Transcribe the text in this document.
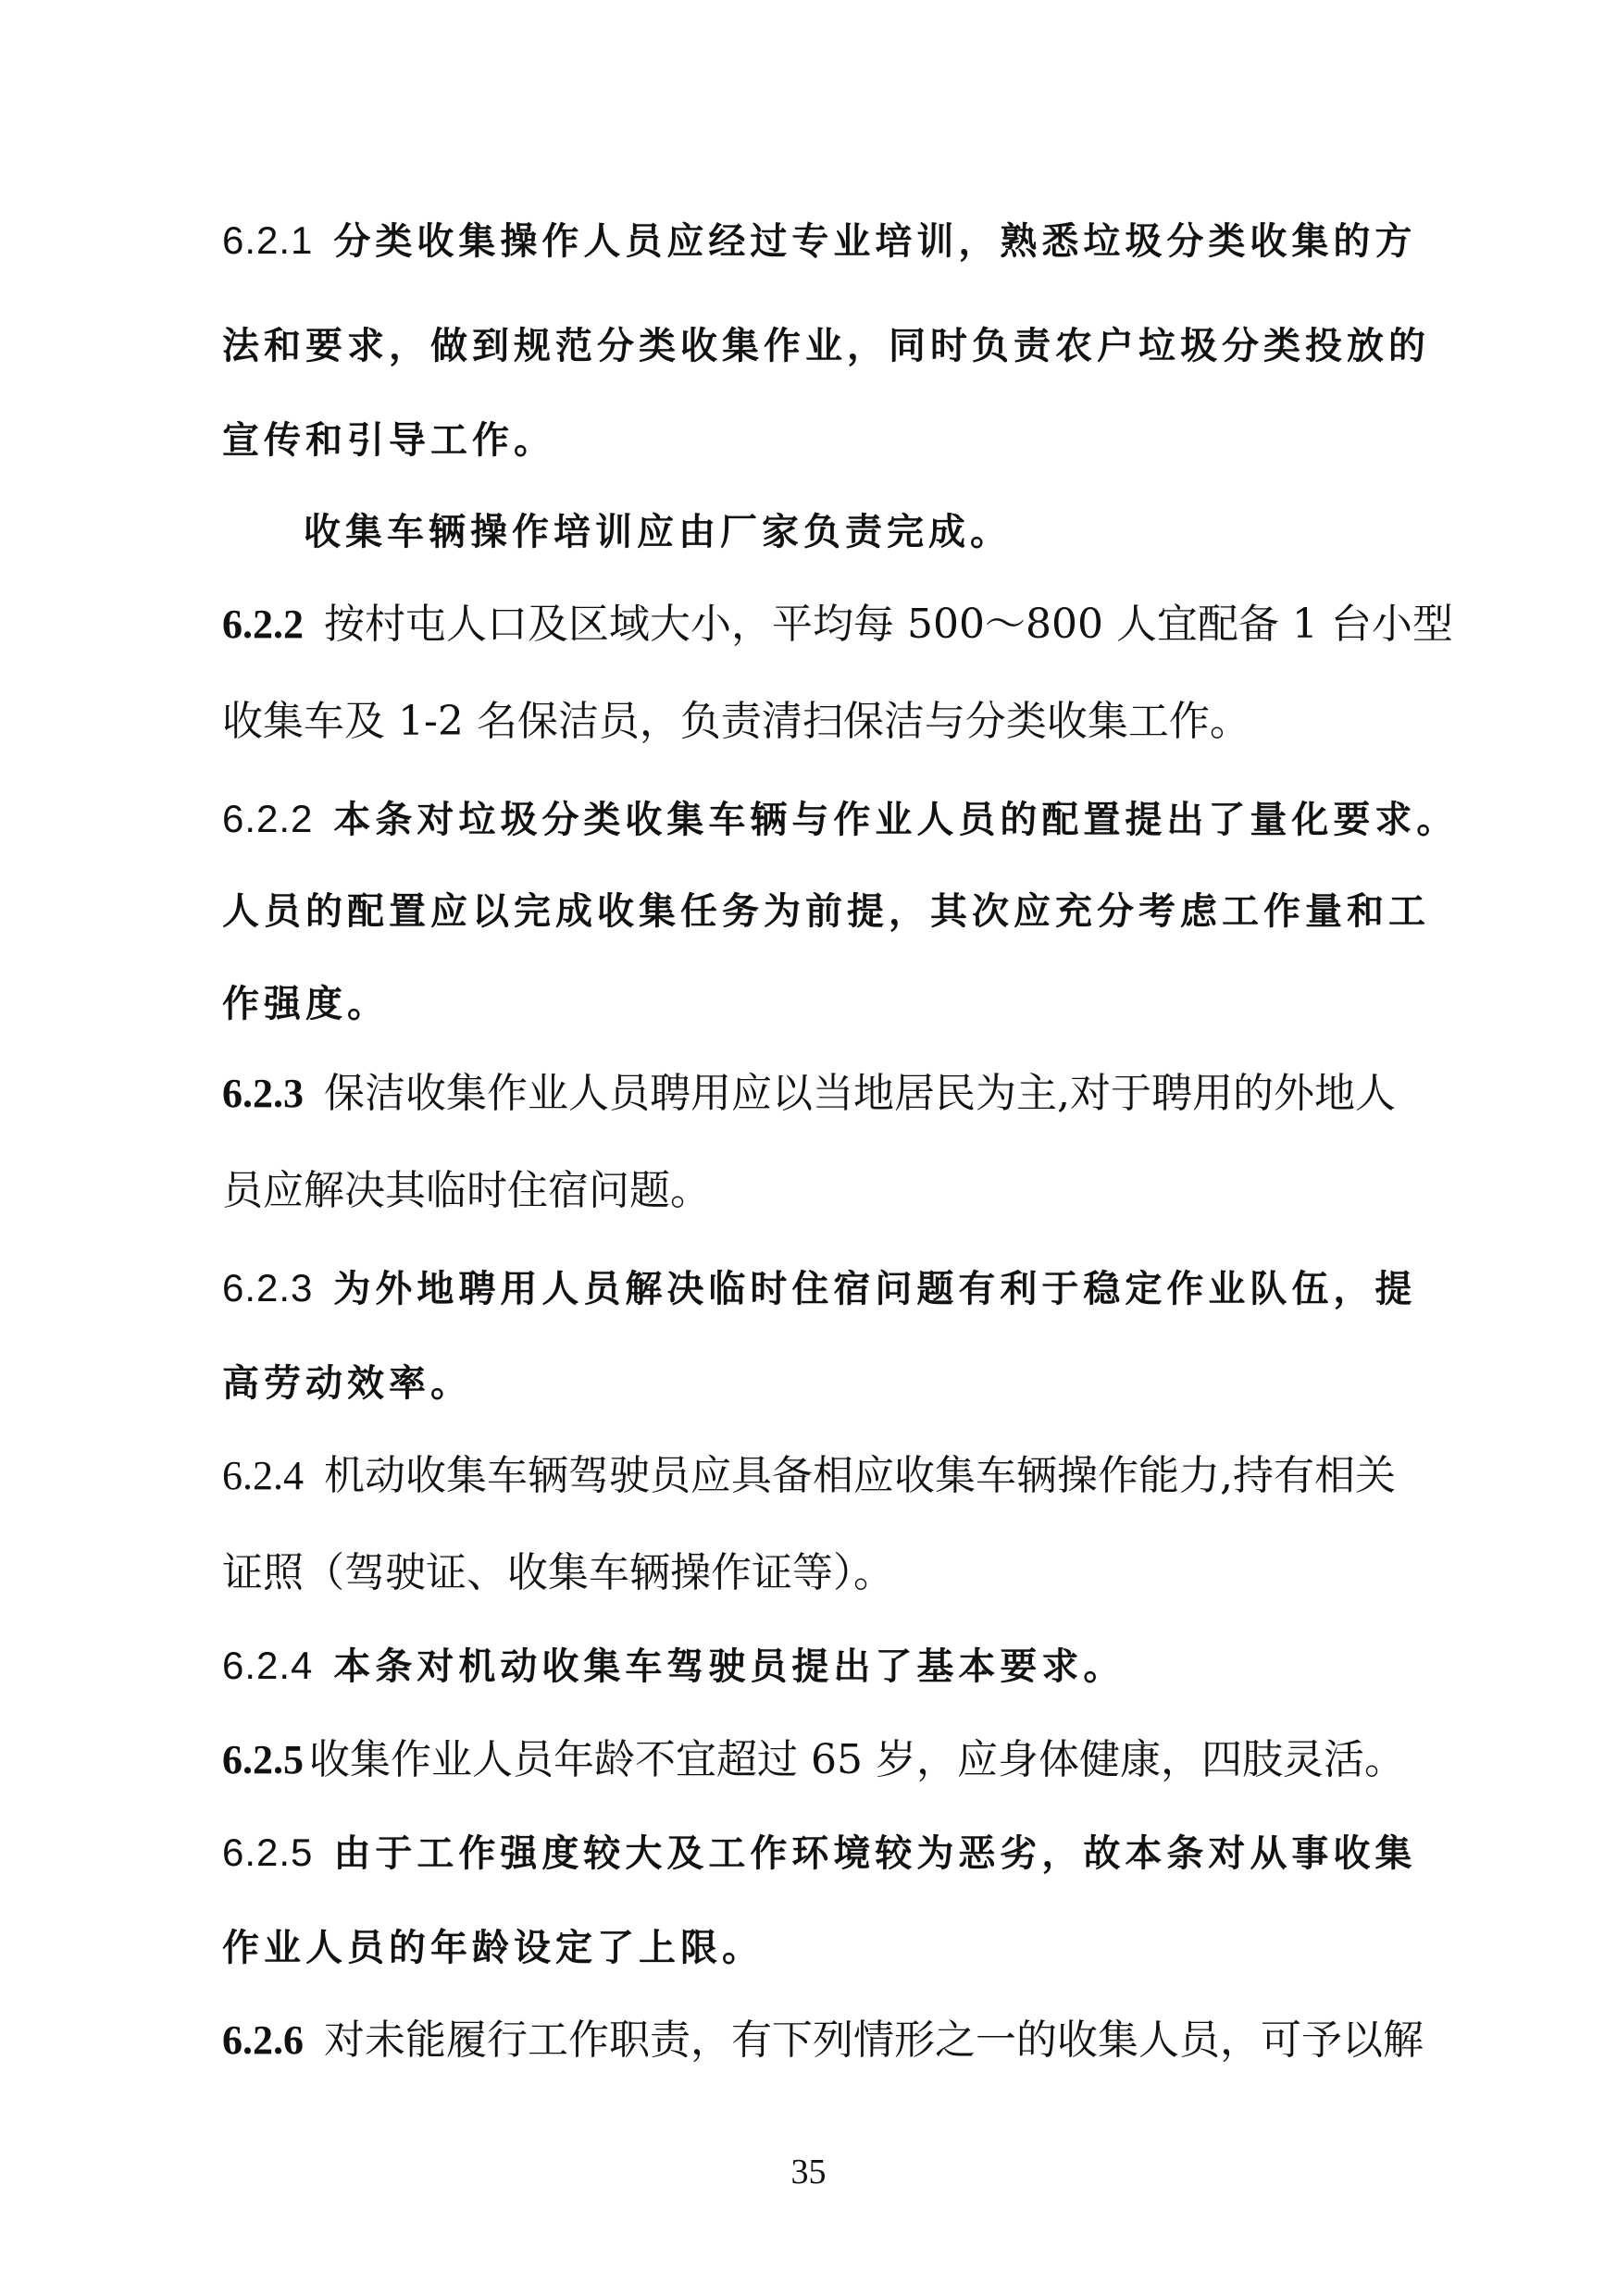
6.2.1 分类收集操作人员应经过专业培训，熟悉垃圾分类收集的方
法和要求，做到规范分类收集作业，同时负责农户垃圾分类投放的
宣传和引导工作。
收集车辆操作培训应由厂家负责完成。
6.2.2 按村屯人口及区域大小，平均每 500～800 人宜配备 1 台小型
收集车及 1-2 名保洁员，负责清扫保洁与分类收集工作。
6.2.2 本条对垃圾分类收集车辆与作业人员的配置提出了量化要求。
人员的配置应以完成收集任务为前提，其次应充分考虑工作量和工
作强度。
6.2.3 保洁收集作业人员聘用应以当地居民为主,对于聘用的外地人
员应解决其临时住宿问题。
6.2.3 为外地聘用人员解决临时住宿问题有利于稳定作业队伍，提
高劳动效率。
6.2.4 机动收集车辆驾驶员应具备相应收集车辆操作能力,持有相关
证照（驾驶证、收集车辆操作证等）。
6.2.4 本条对机动收集车驾驶员提出了基本要求。
6.2.5 收集作业人员年龄不宜超过 65 岁，应身体健康，四肢灵活。
6.2.5 由于工作强度较大及工作环境较为恶劣，故本条对从事收集
作业人员的年龄设定了上限。
6.2.6 对未能履行工作职责，有下列情形之一的收集人员，可予以解
35
